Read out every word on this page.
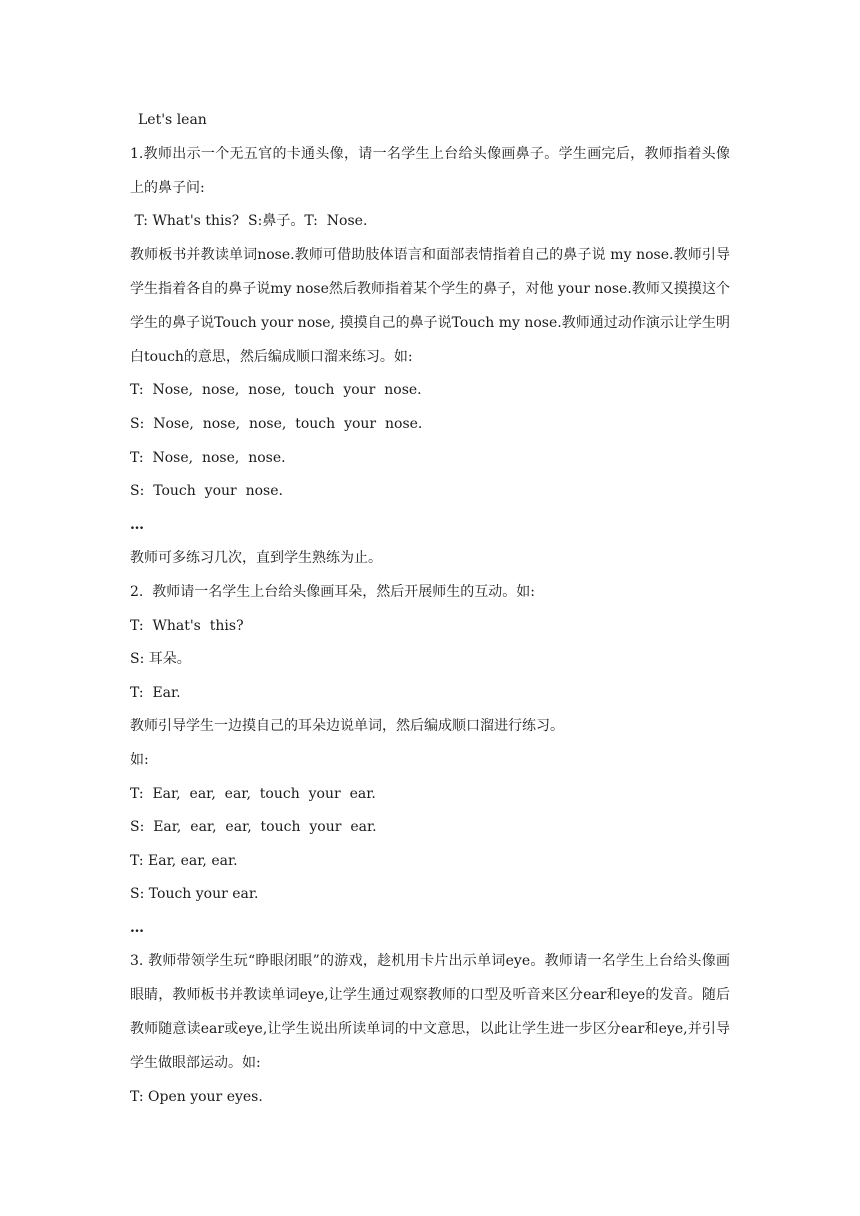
Let's lean

1.教师出示一个无五官的卡通头像，请一名学生上台给头像画鼻子。学生画完后，教师指着头像上的鼻子问:

T: What's this?  S:鼻子。T:  Nose.

教师板书并教读单词nose.教师可借助肢体语言和面部表情指着自己的鼻子说 my nose.教师引导学生指着各自的鼻子说my nose然后教师指着某个学生的鼻子，对他 your nose.教师又摸摸这个学生的鼻子说Touch your nose, 摸摸自己的鼻子说Touch my nose.教师通过动作演示让学生明白touch的意思，然后编成顺口溜来练习。如:

T:  Nose,  nose,  nose,  touch  your  nose.

S:  Nose,  nose,  nose,  touch  your  nose.

T:  Nose,  nose,  nose.

S:  Touch  your  nose.

…

教师可多练习几次，直到学生熟练为止。

2.  教师请一名学生上台给头像画耳朵，然后开展师生的互动。如:

T:  What's  this?

S: 耳朵。

T:  Ear.

教师引导学生一边摸自己的耳朵边说单词，然后编成顺口溜进行练习。

如:

T:  Ear,  ear,  ear,  touch  your  ear.

S:  Ear,  ear,  ear,  touch  your  ear.

T: Ear, ear, ear.

S: Touch your ear.

…

3. 教师带领学生玩“睁眼闭眼”的游戏，趁机用卡片出示单词eye。教师请一名学生上台给头像画眼睛，教师板书并教读单词eye,让学生通过观察教师的口型及听音来区分ear和eye的发音。随后教师随意读ear或eye,让学生说出所读单词的中文意思，以此让学生进一步区分ear和eye,并引导学生做眼部运动。如:

T: Open your eyes.
